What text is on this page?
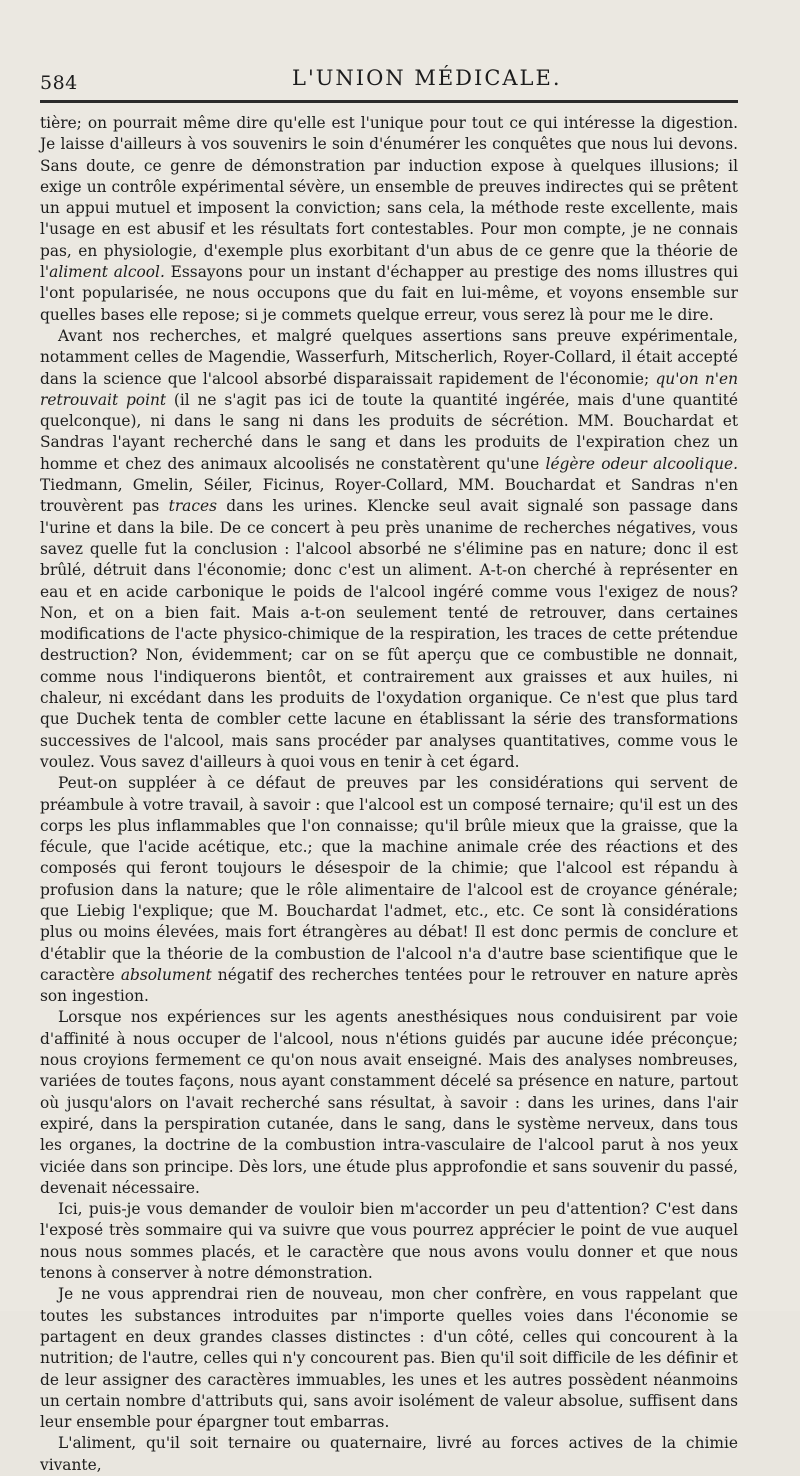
584	L'UNION MÉDICALE.

tière; on pourrait même dire qu'elle est l'unique pour tout ce qui intéresse la digestion. Je laisse d'ailleurs à vos souvenirs le soin d'énumérer les conquêtes que nous lui devons. Sans doute, ce genre de démonstration par induction expose à quelques illusions; il exige un contrôle expérimental sévère, un ensemble de preuves indirectes qui se prêtent un appui mutuel et imposent la conviction; sans cela, la méthode reste excellente, mais l'usage en est abusif et les résultats fort contestables. Pour mon compte, je ne connais pas, en physiologie, d'exemple plus exorbitant d'un abus de ce genre que la théorie de l'aliment alcool. Essayons pour un instant d'échapper au prestige des noms illustres qui l'ont popularisée, ne nous occupons que du fait en lui-même, et voyons ensemble sur quelles bases elle repose; si je commets quelque erreur, vous serez là pour me le dire.

Avant nos recherches, et malgré quelques assertions sans preuve expérimentale, notamment celles de Magendie, Wasserfurh, Mitscherlich, Royer-Collard, il était accepté dans la science que l'alcool absorbé disparaissait rapidement de l'économie; qu'on n'en retrouvait point (il ne s'agit pas ici de toute la quantité ingérée, mais d'une quantité quelconque), ni dans le sang ni dans les produits de sécrétion. MM. Bouchardat et Sandras l'ayant recherché dans le sang et dans les produits de l'expiration chez un homme et chez des animaux alcoolisés ne constatèrent qu'une légère odeur alcoolique. Tiedmann, Gmelin, Séiler, Ficinus, Royer-Collard, MM. Bouchardat et Sandras n'en trouvèrent pas traces dans les urines. Klencke seul avait signalé son passage dans l'urine et dans la bile. De ce concert à peu près unanime de recherches négatives, vous savez quelle fut la conclusion : l'alcool absorbé ne s'élimine pas en nature; donc il est brûlé, détruit dans l'économie; donc c'est un aliment. A-t-on cherché à représenter en eau et en acide carbonique le poids de l'alcool ingéré comme vous l'exigez de nous? Non, et on a bien fait. Mais a-t-on seulement tenté de retrouver, dans certaines modifications de l'acte physico-chimique de la respiration, les traces de cette prétendue destruction? Non, évidemment; car on se fût aperçu que ce combustible ne donnait, comme nous l'indiquerons bientôt, et contrairement aux graisses et aux huiles, ni chaleur, ni excédant dans les produits de l'oxydation organique. Ce n'est que plus tard que Duchek tenta de combler cette lacune en établissant la série des transformations successives de l'alcool, mais sans procéder par analyses quantitatives, comme vous le voulez. Vous savez d'ailleurs à quoi vous en tenir à cet égard.

Peut-on suppléer à ce défaut de preuves par les considérations qui servent de préambule à votre travail, à savoir : que l'alcool est un composé ternaire; qu'il est un des corps les plus inflammables que l'on connaisse; qu'il brûle mieux que la graisse, que la fécule, que l'acide acétique, etc.; que la machine animale crée des réactions et des composés qui feront toujours le désespoir de la chimie; que l'alcool est répandu à profusion dans la nature; que le rôle alimentaire de l'alcool est de croyance générale; que Liebig l'explique; que M. Bouchardat l'admet, etc., etc. Ce sont là considérations plus ou moins élevées, mais fort étrangères au débat! Il est donc permis de conclure et d'établir que la théorie de la combustion de l'alcool n'a d'autre base scientifique que le caractère absolument négatif des recherches tentées pour le retrouver en nature après son ingestion.

Lorsque nos expériences sur les agents anesthésiques nous conduisirent par voie d'affinité à nous occuper de l'alcool, nous n'étions guidés par aucune idée préconçue; nous croyions fermement ce qu'on nous avait enseigné. Mais des analyses nombreuses, variées de toutes façons, nous ayant constamment décelé sa présence en nature, partout où jusqu'alors on l'avait recherché sans résultat, à savoir : dans les urines, dans l'air expiré, dans la perspiration cutanée, dans le sang, dans le système nerveux, dans tous les organes, la doctrine de la combustion intra-vasculaire de l'alcool parut à nos yeux viciée dans son principe. Dès lors, une étude plus approfondie et sans souvenir du passé, devenait nécessaire.

Ici, puis-je vous demander de vouloir bien m'accorder un peu d'attention? C'est dans l'exposé très sommaire qui va suivre que vous pourrez apprécier le point de vue auquel nous nous sommes placés, et le caractère que nous avons voulu donner et que nous tenons à conserver à notre démonstration.

Je ne vous apprendrai rien de nouveau, mon cher confrère, en vous rappelant que toutes les substances introduites par n'importe quelles voies dans l'économie se partagent en deux grandes classes distinctes : d'un côté, celles qui concourent à la nutrition; de l'autre, celles qui n'y concourent pas. Bien qu'il soit difficile de les définir et de leur assigner des caractères immuables, les unes et les autres possèdent néanmoins un certain nombre d'attributs qui, sans avoir isolément de valeur absolue, suffisent dans leur ensemble pour épargner tout embarras.

L'aliment, qu'il soit ternaire ou quaternaire, livré au forces actives de la chimie vivante,
